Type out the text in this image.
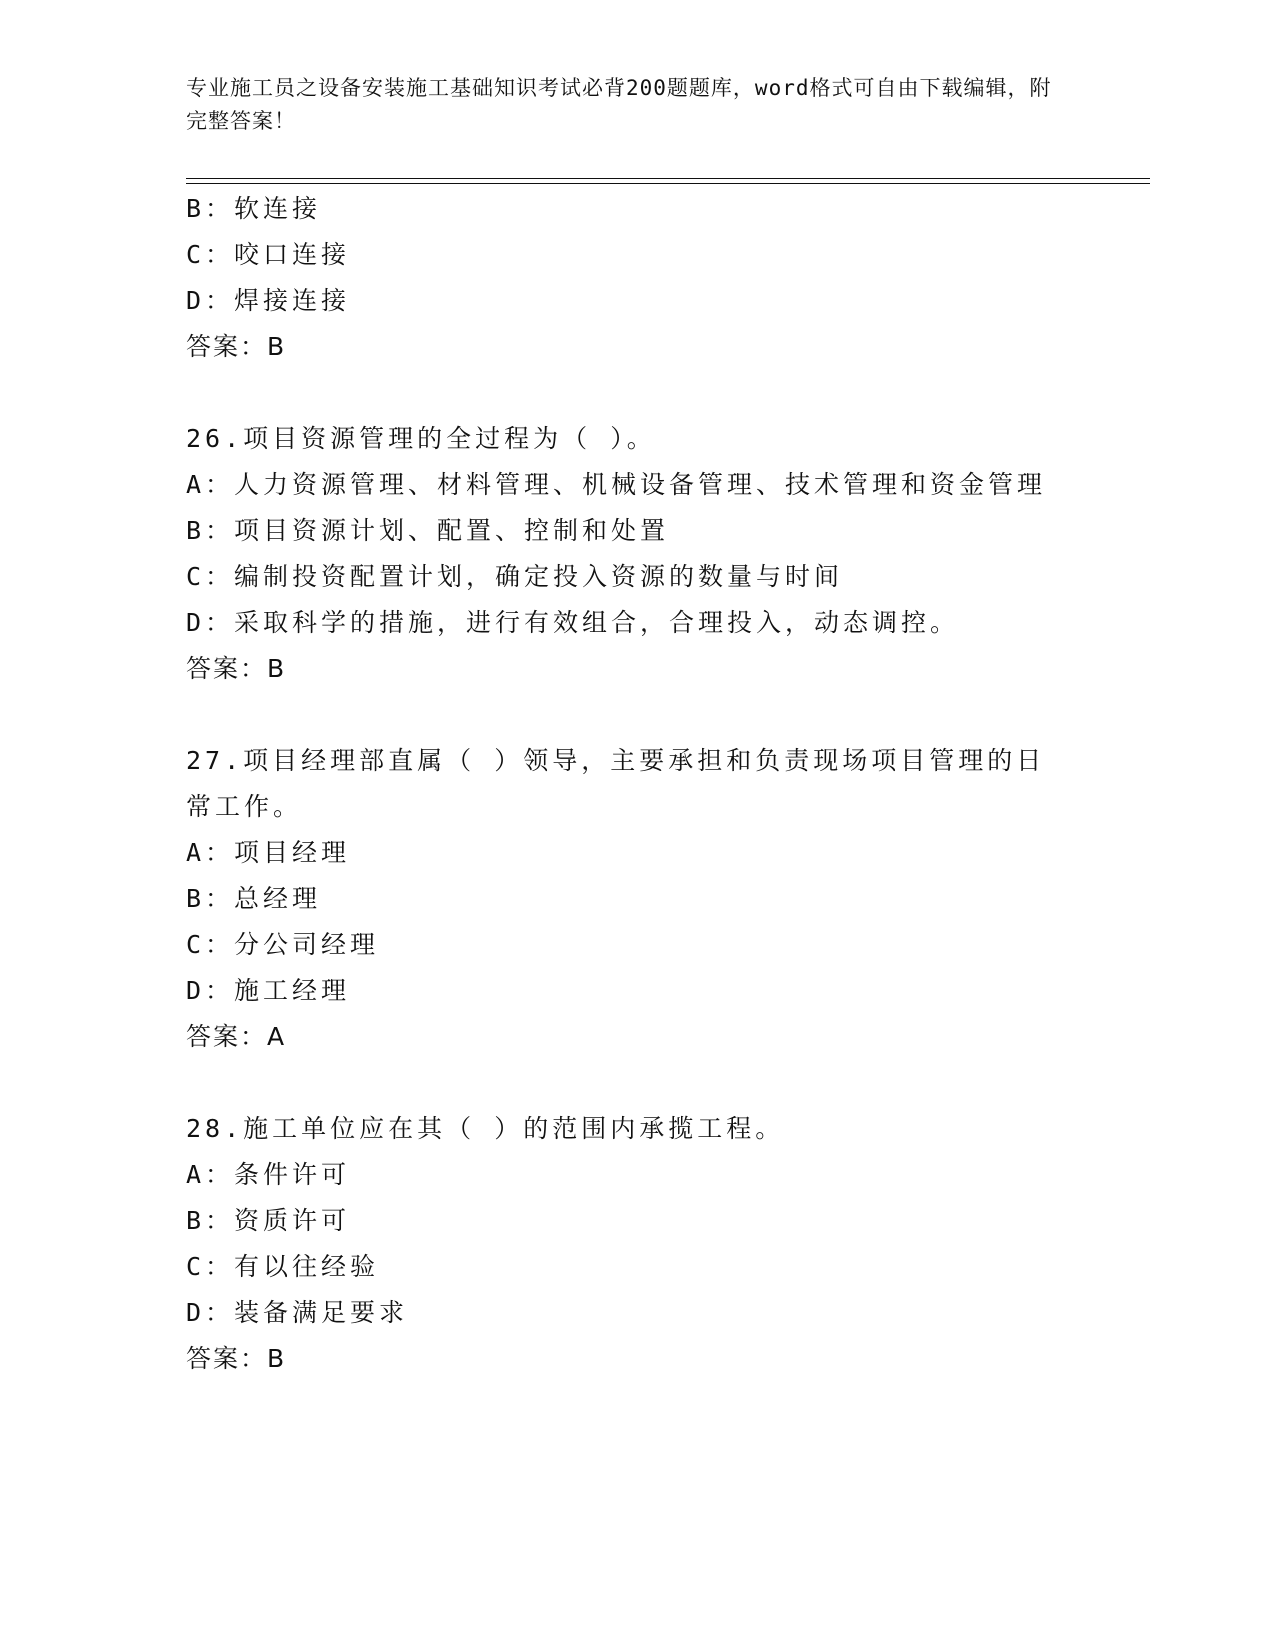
专业施工员之设备安装施工基础知识考试必背200题题库，word格式可自由下载编辑，附完整答案！
B：软连接
C：咬口连接
D：焊接连接
答案：B
26.项目资源管理的全过程为（ ）。
A：人力资源管理、材料管理、机械设备管理、技术管理和资金管理
B：项目资源计划、配置、控制和处置
C：编制投资配置计划，确定投入资源的数量与时间
D：采取科学的措施，进行有效组合，合理投入，动态调控。
答案：B
27.项目经理部直属（ ）领导，主要承担和负责现场项目管理的日常工作。
A：项目经理
B：总经理
C：分公司经理
D：施工经理
答案：A
28.施工单位应在其（ ）的范围内承揽工程。
A：条件许可
B：资质许可
C：有以往经验
D：装备满足要求
答案：B
